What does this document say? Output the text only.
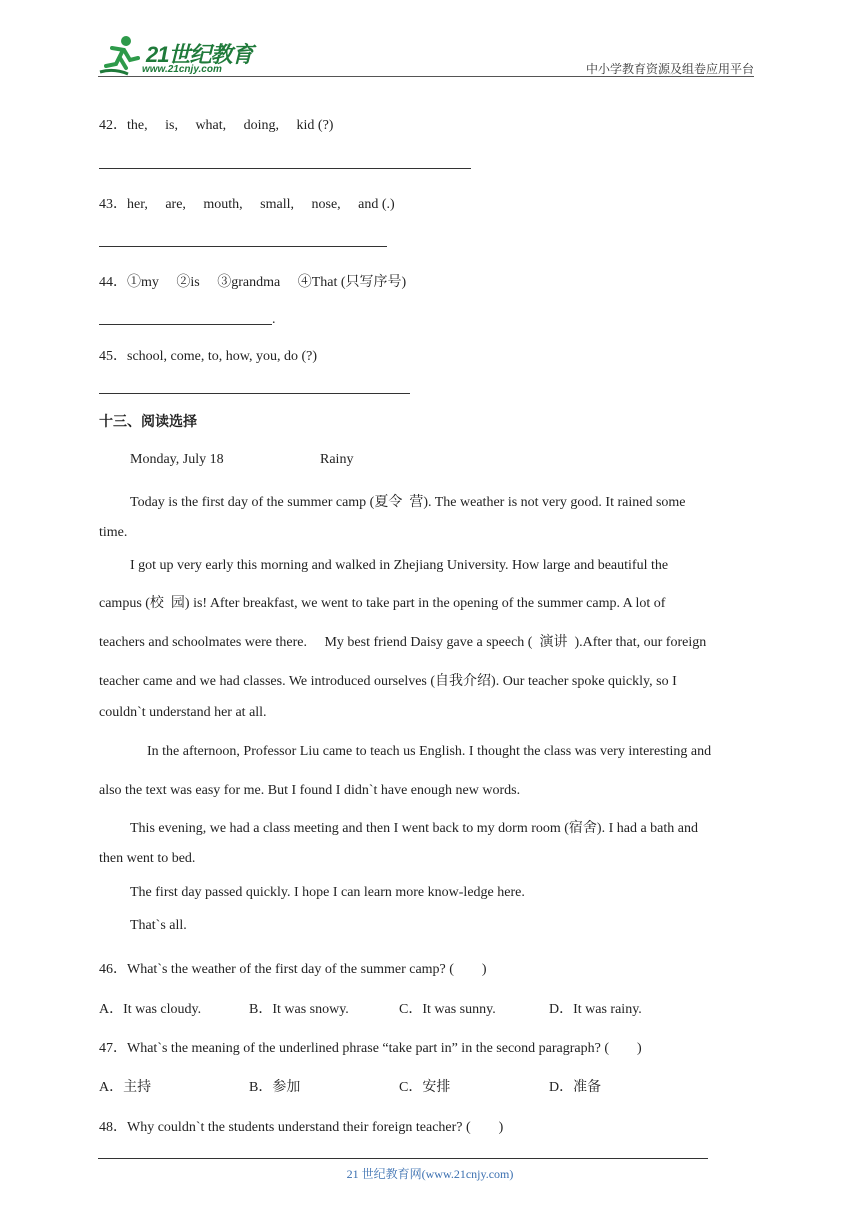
21世纪教育
www.21cnjy.com	中小学教育资源及组卷应用平台
42．the,     is,     what,     doing,     kid (?)
43．her,     are,     mouth,     small,     nose,     and (.)
44．①my     ②is     ③grandma     ④That (只写序号)
.
45．school, come, to, how, you, do (?)
十三、阅读选择
Monday, July 18	Rainy
Today is the first day of the summer camp (夏令  营). The weather is not very good. It rained some
time.
I got up very early this morning and walked in Zhejiang University. How large and beautiful the
campus (校  园) is! After breakfast, we went to take part in the opening of the summer camp. A lot of
teachers and schoolmates were there.     My best friend Daisy gave a speech (  演讲  ).After that, our foreign
teacher came and we had classes. We introduced ourselves (自我介绍). Our teacher spoke quickly, so I
couldn`t understand her at all.
In the afternoon, Professor Liu came to teach us English. I thought the class was very interesting and
also the text was easy for me. But I found I didn`t have enough new words.
This evening, we had a class meeting and then I went back to my dorm room (宿舍). I had a bath and
then went to bed.
The first day passed quickly. I hope I can learn more know-ledge here.
That`s all.
46．What`s the weather of the first day of the summer camp? (        )
A．It was cloudy.	B．It was snowy.	C．It was sunny.	D．It was rainy.
47．What`s the meaning of the underlined phrase “take part in” in the second paragraph? (        )
A．主持	B．参加	C．安排	D．准备
48．Why couldn`t the students understand their foreign teacher? (        )
21 世纪教育网(www.21cnjy.com)
